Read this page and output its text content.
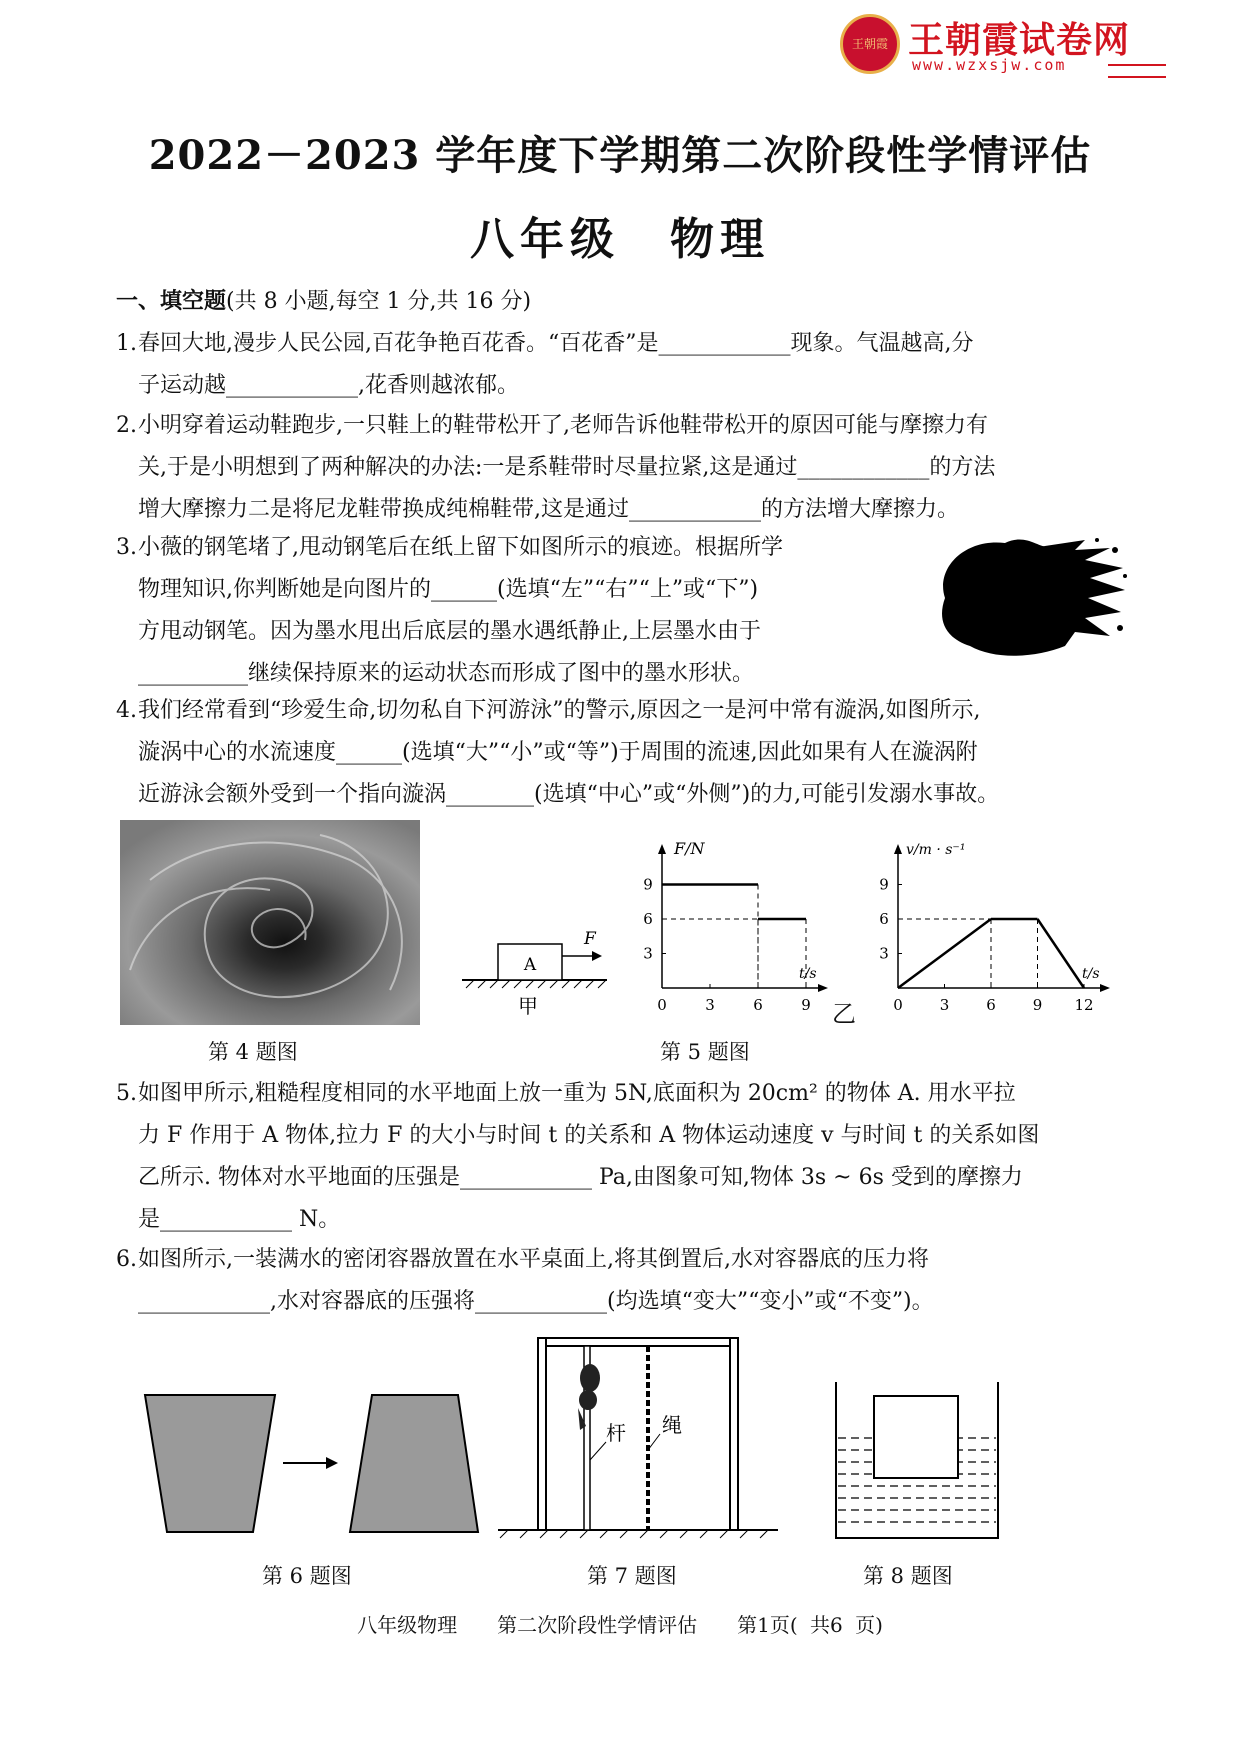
王朝霞 王朝霞试卷网
www.wzxsjw.com
2022－2023 学年度下学期第二次阶段性学情评估
八年级　物理
一、填空题(共 8 小题,每空 1 分,共 16 分)
1.春回大地,漫步人民公园,百花争艳百花香。“百花香”是____________现象。气温越高,分
子运动越____________,花香则越浓郁。
2.小明穿着运动鞋跑步,一只鞋上的鞋带松开了,老师告诉他鞋带松开的原因可能与摩擦力有
关,于是小明想到了两种解决的办法:一是系鞋带时尽量拉紧,这是通过____________的方法
增大摩擦力二是将尼龙鞋带换成纯棉鞋带,这是通过____________的方法增大摩擦力。
3.小薇的钢笔堵了,甩动钢笔后在纸上留下如图所示的痕迹。根据所学
物理知识,你判断她是向图片的______(选填“左”“右”“上”或“下”)
方甩动钢笔。因为墨水甩出后底层的墨水遇纸静止,上层墨水由于
__________继续保持原来的运动状态而形成了图中的墨水形状。
4.我们经常看到“珍爱生命,切勿私自下河游泳”的警示,原因之一是河中常有漩涡,如图所示,
漩涡中心的水流速度______(选填“大”“小”或“等”)于周围的流速,因此如果有人在漩涡附
近游泳会额外受到一个指向漩涡________(选填“中心”或“外侧”)的力,可能引发溺水事故。
A
F
甲
F/N
t/s
0	3	6	9
3
6
9
乙
v/m · s⁻¹
t/s
0 3 6 9 12
3
6
9
第 4 题图	第 5 题图
5.如图甲所示,粗糙程度相同的水平地面上放一重为 5N,底面积为 20cm² 的物体 A. 用水平拉
力 F 作用于 A 物体,拉力 F 的大小与时间 t 的关系和 A 物体运动速度 v 与时间 t 的关系如图
乙所示. 物体对水平地面的压强是____________ Pa,由图象可知,物体 3s ~ 6s 受到的摩擦力
是____________ N。
6.如图所示,一装满水的密闭容器放置在水平桌面上,将其倒置后,水对容器底的压力将
____________,水对容器底的压强将____________(均选填“变大”“变小”或“不变”)。
杆 绳
第 6 题图	第 7 题图	第 8 题图
八年级物理　　第二次阶段性学情评估　　第1页( 共6 页)
